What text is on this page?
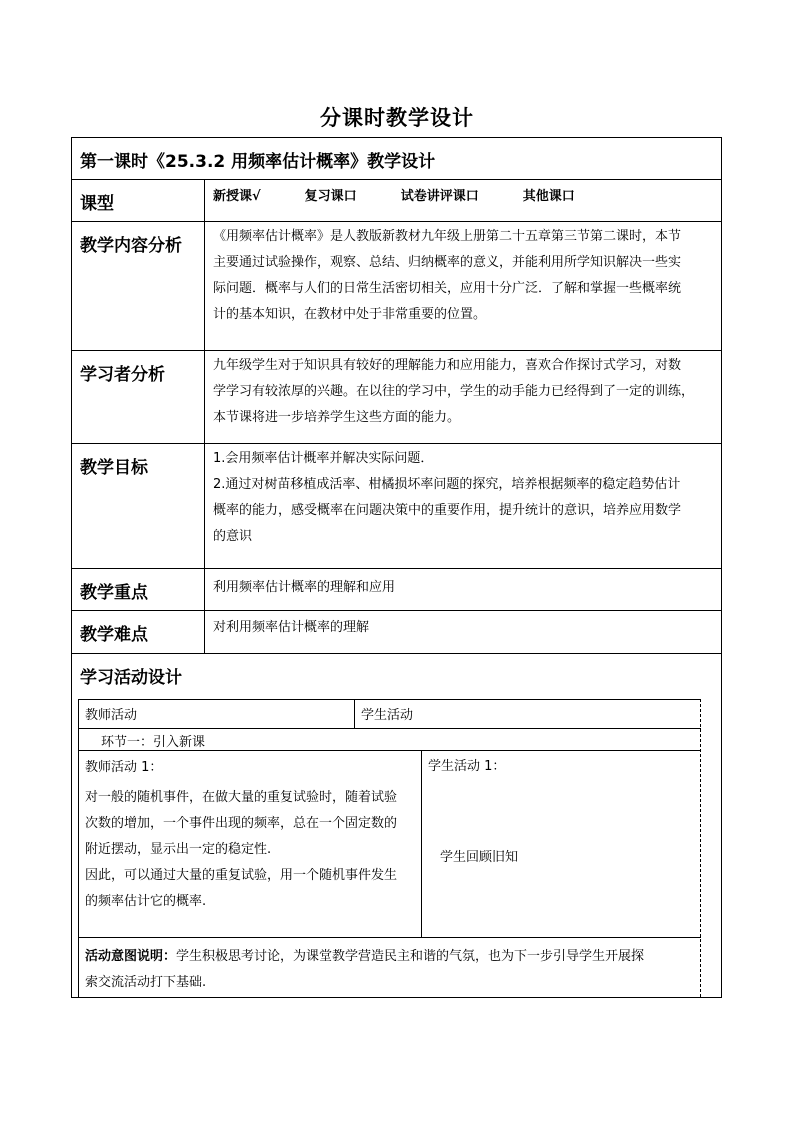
分课时教学设计
第一课时《25.3.2 用频率估计概率》教学设计
课型	新授课√	复习课口	试卷讲评课口	其他课口
教学内容分析	《用频率估计概率》是人教版新教材九年级上册第二十五章第三节第二课时，本节
主要通过试验操作，观察、总结、归纳概率的意义，并能利用所学知识解决一些实
际问题．概率与人们的日常生活密切相关，应用十分广泛．了解和掌握一些概率统
计的基本知识，在教材中处于非常重要的位置。
学习者分析	九年级学生对于知识具有较好的理解能力和应用能力，喜欢合作探讨式学习，对数
学学习有较浓厚的兴趣。在以往的学习中，学生的动手能力已经得到了一定的训练，
本节课将进一步培养学生这些方面的能力。
教学目标	1.会用频率估计概率并解决实际问题．
2.通过对树苗移植成活率、柑橘损坏率问题的探究，培养根据频率的稳定趋势估计
概率的能力，感受概率在问题决策中的重要作用，提升统计的意识，培养应用数学
的意识
教学重点	利用频率估计概率的理解和应用
教学难点	对利用频率估计概率的理解
学习活动设计
教师活动	学生活动
环节一：引入新课
教师活动 1：
对一般的随机事件，在做大量的重复试验时，随着试验
次数的增加，一个事件出现的频率，总在一个固定数的
附近摆动，显示出一定的稳定性.
因此，可以通过大量的重复试验，用一个随机事件发生
的频率估计它的概率.
学生活动 1：
学生回顾旧知
活动意图说明：学生积极思考讨论，为课堂教学营造民主和谐的气氛，也为下一步引导学生开展探
索交流活动打下基础.
